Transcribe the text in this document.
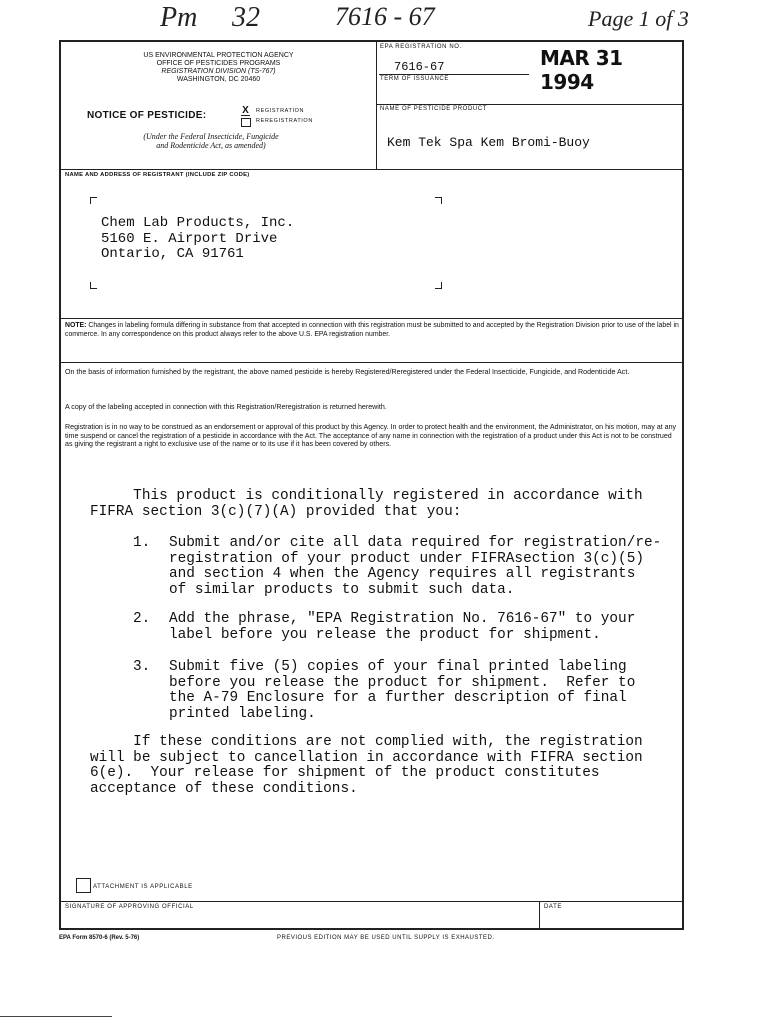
Pm 32	7616 - 67	Page 1 of 3
US ENVIRONMENTAL PROTECTION AGENCY
OFFICE OF PESTICIDES PROGRAMS
REGISTRATION DIVISION (TS-767)
WASHINGTON, DC 20460
NOTICE OF PESTICIDE:	X REGISTRATION
REREGISTRATION
(Under the Federal Insecticide, Fungicide
and Rodenticide Act, as amended)
EPA REGISTRATION NO.
7616-67	MAR 31 1994
TERM OF ISSUANCE
NAME OF PESTICIDE PRODUCT
Kem Tek Spa Kem Bromi-Buoy
NAME AND ADDRESS OF REGISTRANT (INCLUDE ZIP CODE)
Chem Lab Products, Inc.
5160 E. Airport Drive
Ontario, CA 91761
NOTE: Changes in labeling formula differing in substance from that accepted in connection with this registration must be submitted to and accepted by the Registration Division prior to use of the label in commerce. In any correspondence on this product always refer to the above U.S. EPA registration number.
On the basis of information furnished by the registrant, the above named pesticide is hereby Registered/Reregistered under the Federal Insecticide, Fungicide, and Rodenticide Act.
A copy of the labeling accepted in connection with this Registration/Reregistration is returned herewith.
Registration is in no way to be construed as an endorsement or approval of this product by this Agency. In order to protect health and the environment, the Administrator, on his motion, may at any time suspend or cancel the registration of a pesticide in accordance with the Act. The acceptance of any name in connection with the registration of a product under this Act is not to be construed as giving the registrant a right to exclusive use of the name or to its use if it has been covered by others.
This product is conditionally registered in accordance with
FIFRA section 3(c)(7)(A) provided that you:
1. Submit and/or cite all data required for registration/re-
registration of your product under FIFRAsection 3(c)(5)
and section 4 when the Agency requires all registrants
of similar products to submit such data.
2. Add the phrase, "EPA Registration No. 7616-67" to your
label before you release the product for shipment.
3. Submit five (5) copies of your final printed labeling
before you release the product for shipment.  Refer to
the A-79 Enclosure for a further description of final
printed labeling.
If these conditions are not complied with, the registration
will be subject to cancellation in accordance with FIFRA section
6(e).  Your release for shipment of the product constitutes
acceptance of these conditions.
ATTACHMENT IS APPLICABLE
SIGNATURE OF APPROVING OFFICIAL	DATE
EPA Form 8570-6 (Rev. 5-76)	PREVIOUS EDITION MAY BE USED UNTIL SUPPLY IS EXHAUSTED.
